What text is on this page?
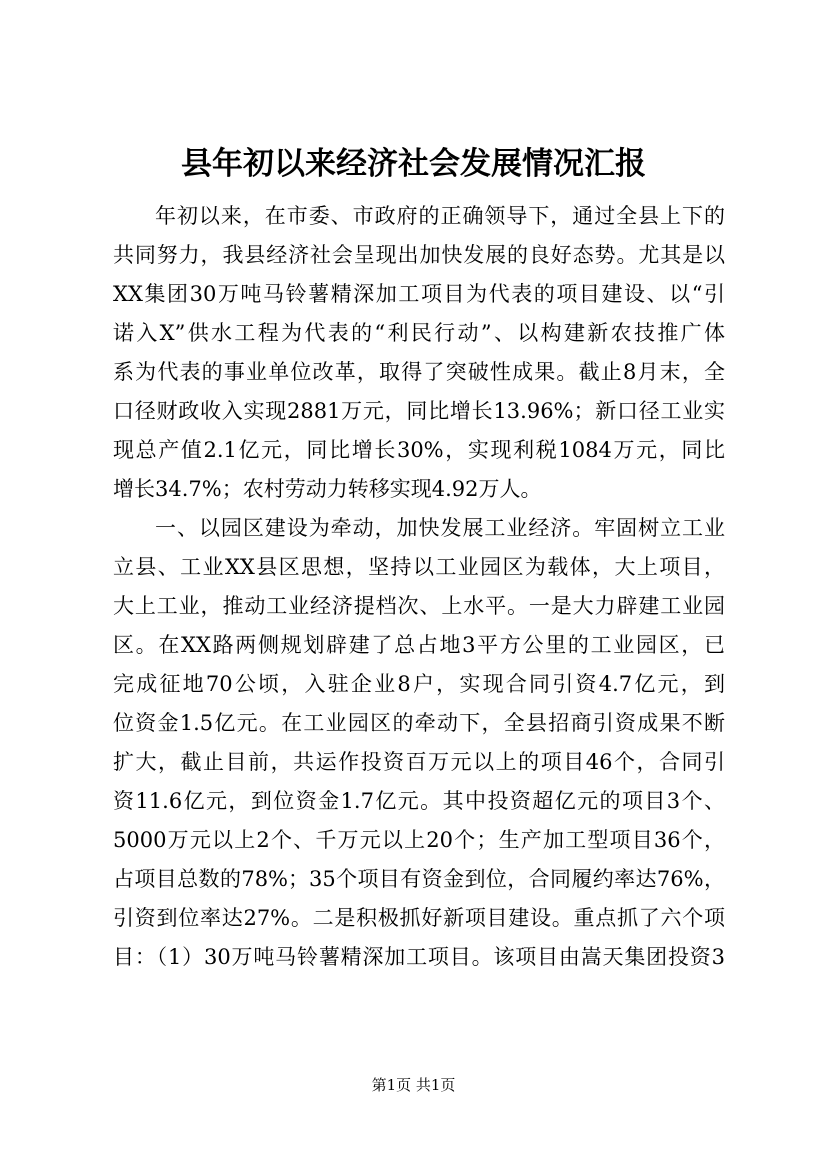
县年初以来经济社会发展情况汇报
年初以来，在市委、市政府的正确领导下，通过全县上下的
共同努力，我县经济社会呈现出加快发展的良好态势。尤其是以
XX集团30万吨马铃薯精深加工项目为代表的项目建设、以“引
诺入X”供水工程为代表的“利民行动”、以构建新农技推广体
系为代表的事业单位改革，取得了突破性成果。截止8月末，全
口径财政收入实现2881万元，同比增长13.96%；新口径工业实
现总产值2.1亿元，同比增长30%，实现利税1084万元，同比
增长34.7%；农村劳动力转移实现4.92万人。
一、以园区建设为牵动，加快发展工业经济。牢固树立工业
立县、工业XX县区思想，坚持以工业园区为载体，大上项目，
大上工业，推动工业经济提档次、上水平。一是大力辟建工业园
区。在XX路两侧规划辟建了总占地3平方公里的工业园区，已
完成征地70公顷，入驻企业8户，实现合同引资4.7亿元，到
位资金1.5亿元。在工业园区的牵动下，全县招商引资成果不断
扩大，截止目前，共运作投资百万元以上的项目46个，合同引
资11.6亿元，到位资金1.7亿元。其中投资超亿元的项目3个、
5000万元以上2个、千万元以上20个；生产加工型项目36个，
占项目总数的78%；35个项目有资金到位，合同履约率达76%，
引资到位率达27%。二是积极抓好新项目建设。重点抓了六个项
目：（1）30万吨马铃薯精深加工项目。该项目由嵩天集团投资3
第1页 共1页
